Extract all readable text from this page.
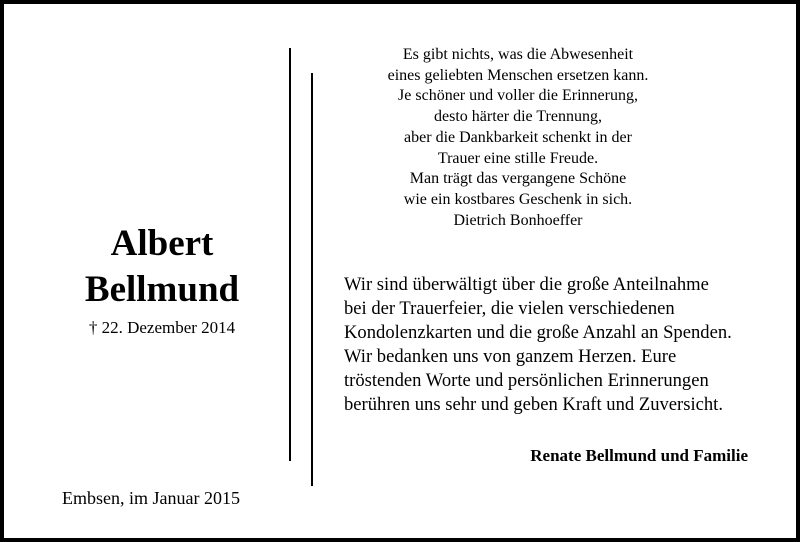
Albert
Bellmund
† 22. Dezember 2014
Embsen, im Januar 2015
Es gibt nichts, was die Abwesenheit
eines geliebten Menschen ersetzen kann.
Je schöner und voller die Erinnerung,
desto härter die Trennung,
aber die Dankbarkeit schenkt in der
Trauer eine stille Freude.
Man trägt das vergangene Schöne
wie ein kostbares Geschenk in sich.
Dietrich Bonhoeffer
Wir sind überwältigt über die große Anteilnahme
bei der Trauerfeier, die vielen verschiedenen
Kondolenzkarten und die große Anzahl an Spenden.
Wir bedanken uns von ganzem Herzen. Eure
tröstenden Worte und persönlichen Erinnerungen
berühren uns sehr und geben Kraft und Zuversicht.
Renate Bellmund und Familie
